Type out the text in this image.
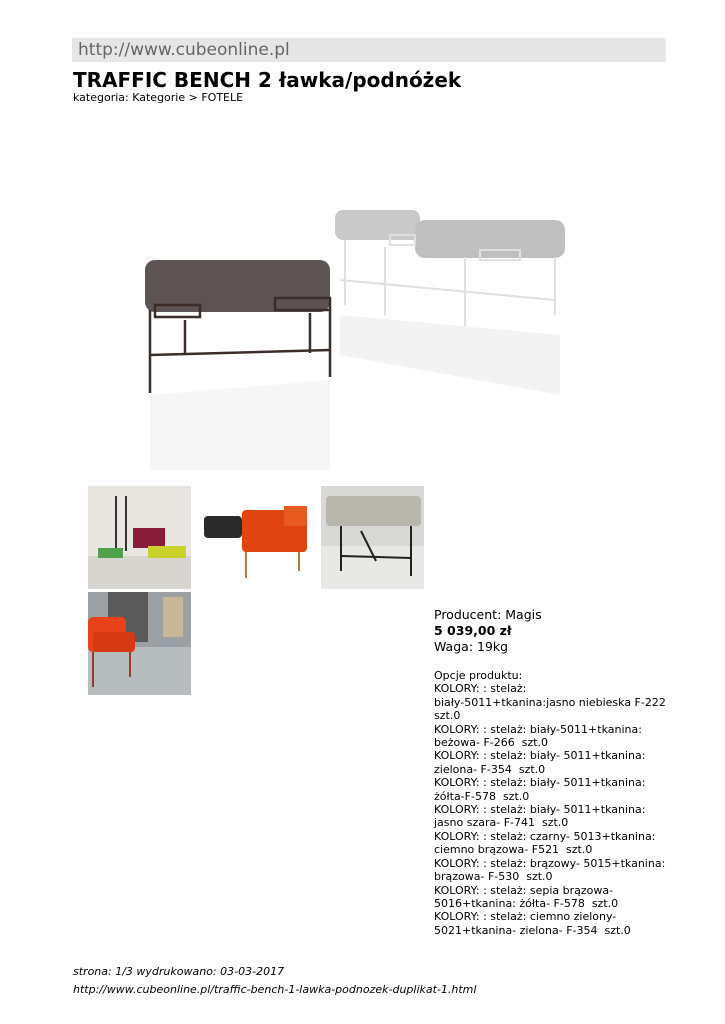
http://www.cubeonline.pl
TRAFFIC BENCH 2 ławka/podnóżek
kategoria: Kategorie > FOTELE
Producent: Magis
5 039,00 zł
Waga: 19kg
Opcje produktu:
KOLORY: : stelaż:
biały-5011+tkanina:jasno niebieska F-222
szt.0
KOLORY: : stelaż: biały-5011+tkanina:
beżowa- F-266  szt.0
KOLORY: : stelaż: biały- 5011+tkanina:
zielona- F-354  szt.0
KOLORY: : stelaż: biały- 5011+tkanina:
żółta-F-578  szt.0
KOLORY: : stelaż: biały- 5011+tkanina:
jasno szara- F-741  szt.0
KOLORY: : stelaż: czarny- 5013+tkanina:
ciemno brązowa- F521  szt.0
KOLORY: : stelaż: brązowy- 5015+tkanina:
brązowa- F-530  szt.0
KOLORY: : stelaż: sepia brązowa-
5016+tkanina: żółta- F-578  szt.0
KOLORY: : stelaż: ciemno zielony-
5021+tkanina- zielona- F-354  szt.0
strona: 1/3 wydrukowano: 03-03-2017
http://www.cubeonline.pl/traffic-bench-1-lawka-podnozek-duplikat-1.html
